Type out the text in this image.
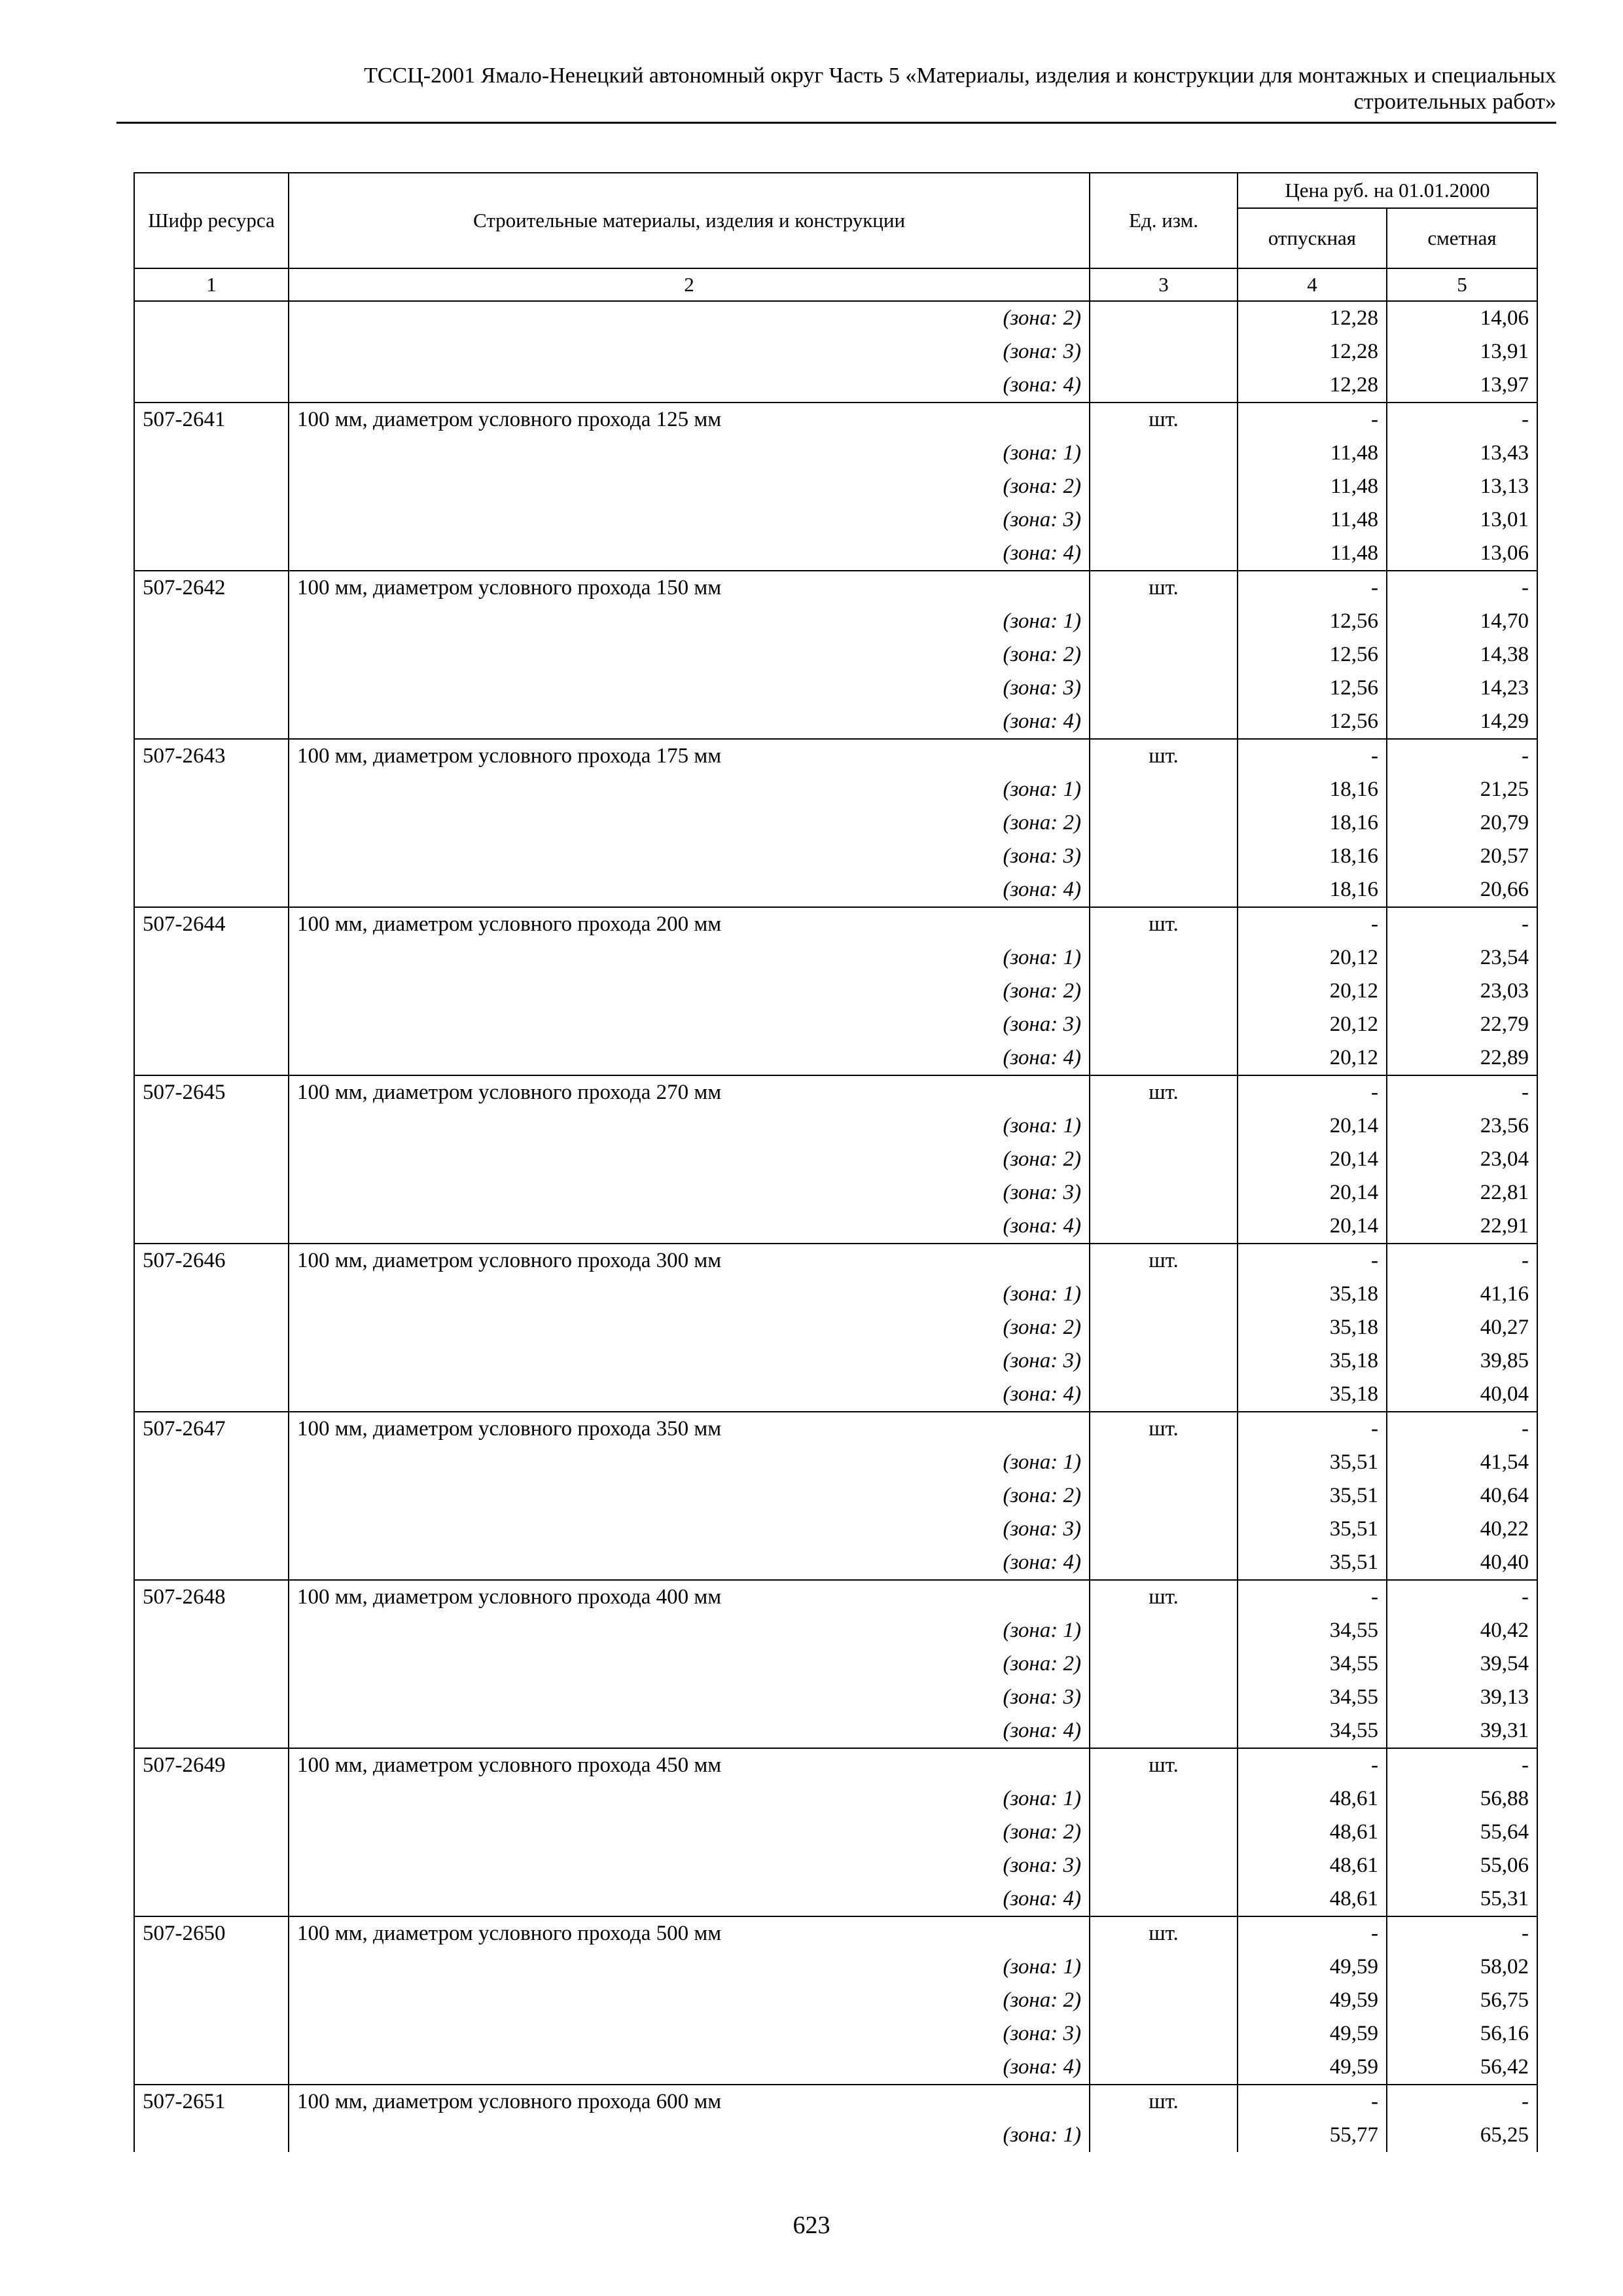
ТССЦ-2001 Ямало-Ненецкий автономный округ Часть 5 «Материалы, изделия и конструкции для монтажных и специальных
строительных работ»
Шифр ресурса	Строительные материалы, изделия и конструкции	Ед. изм.	Цена руб. на 01.01.2000	
			отпускная	сметная
1	2	3	4	5
	(зона: 2)		12,28	14,06
	(зона: 3)		12,28	13,91
	(зона: 4)		12,28	13,97
507-2641	100 мм, диаметром условного прохода 125 мм	шт.	-	-
	(зона: 1)		11,48	13,43
	(зона: 2)		11,48	13,13
	(зона: 3)		11,48	13,01
	(зона: 4)		11,48	13,06
507-2642	100 мм, диаметром условного прохода 150 мм	шт.	-	-
	(зона: 1)		12,56	14,70
	(зона: 2)		12,56	14,38
	(зона: 3)		12,56	14,23
	(зона: 4)		12,56	14,29
507-2643	100 мм, диаметром условного прохода 175 мм	шт.	-	-
	(зона: 1)		18,16	21,25
	(зона: 2)		18,16	20,79
	(зона: 3)		18,16	20,57
	(зона: 4)		18,16	20,66
507-2644	100 мм, диаметром условного прохода 200 мм	шт.	-	-
	(зона: 1)		20,12	23,54
	(зона: 2)		20,12	23,03
	(зона: 3)		20,12	22,79
	(зона: 4)		20,12	22,89
507-2645	100 мм, диаметром условного прохода 270 мм	шт.	-	-
	(зона: 1)		20,14	23,56
	(зона: 2)		20,14	23,04
	(зона: 3)		20,14	22,81
	(зона: 4)		20,14	22,91
507-2646	100 мм, диаметром условного прохода 300 мм	шт.	-	-
	(зона: 1)		35,18	41,16
	(зона: 2)		35,18	40,27
	(зона: 3)		35,18	39,85
	(зона: 4)		35,18	40,04
507-2647	100 мм, диаметром условного прохода 350 мм	шт.	-	-
	(зона: 1)		35,51	41,54
	(зона: 2)		35,51	40,64
	(зона: 3)		35,51	40,22
	(зона: 4)		35,51	40,40
507-2648	100 мм, диаметром условного прохода 400 мм	шт.	-	-
	(зона: 1)		34,55	40,42
	(зона: 2)		34,55	39,54
	(зона: 3)		34,55	39,13
	(зона: 4)		34,55	39,31
507-2649	100 мм, диаметром условного прохода 450 мм	шт.	-	-
	(зона: 1)		48,61	56,88
	(зона: 2)		48,61	55,64
	(зона: 3)		48,61	55,06
	(зона: 4)		48,61	55,31
507-2650	100 мм, диаметром условного прохода 500 мм	шт.	-	-
	(зона: 1)		49,59	58,02
	(зона: 2)		49,59	56,75
	(зона: 3)		49,59	56,16
	(зона: 4)		49,59	56,42
507-2651	100 мм, диаметром условного прохода 600 мм	шт.	-	-
	(зона: 1)		55,77	65,25
623
